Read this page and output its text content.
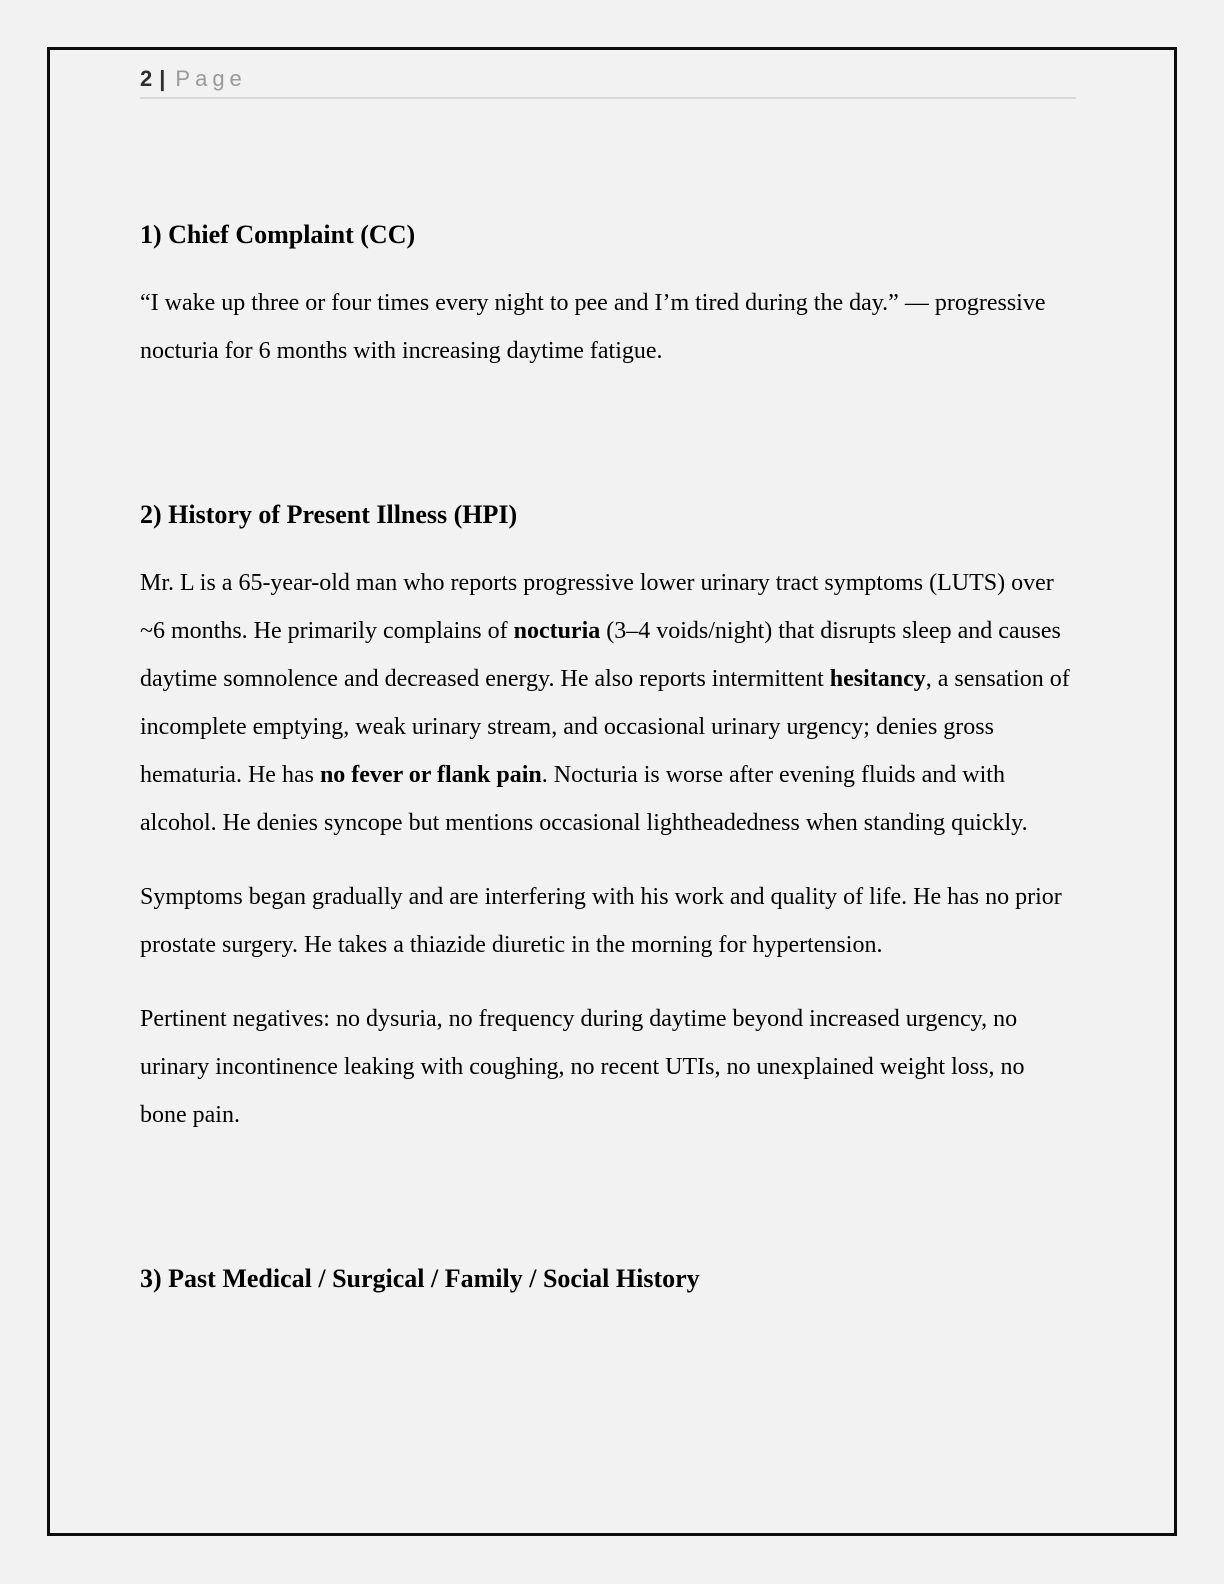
2 | Page
1) Chief Complaint (CC)

“I wake up three or four times every night to pee and I’m tired during the day.” — progressive nocturia for 6 months with increasing daytime fatigue.

2) History of Present Illness (HPI)

Mr. L is a 65-year-old man who reports progressive lower urinary tract symptoms (LUTS) over ~6 months. He primarily complains of nocturia (3–4 voids/night) that disrupts sleep and causes daytime somnolence and decreased energy. He also reports intermittent hesitancy, a sensation of incomplete emptying, weak urinary stream, and occasional urinary urgency; denies gross hematuria. He has no fever or flank pain. Nocturia is worse after evening fluids and with alcohol. He denies syncope but mentions occasional lightheadedness when standing quickly.

Symptoms began gradually and are interfering with his work and quality of life. He has no prior prostate surgery. He takes a thiazide diuretic in the morning for hypertension.

Pertinent negatives: no dysuria, no frequency during daytime beyond increased urgency, no urinary incontinence leaking with coughing, no recent UTIs, no unexplained weight loss, no bone pain.

3) Past Medical / Surgical / Family / Social History
